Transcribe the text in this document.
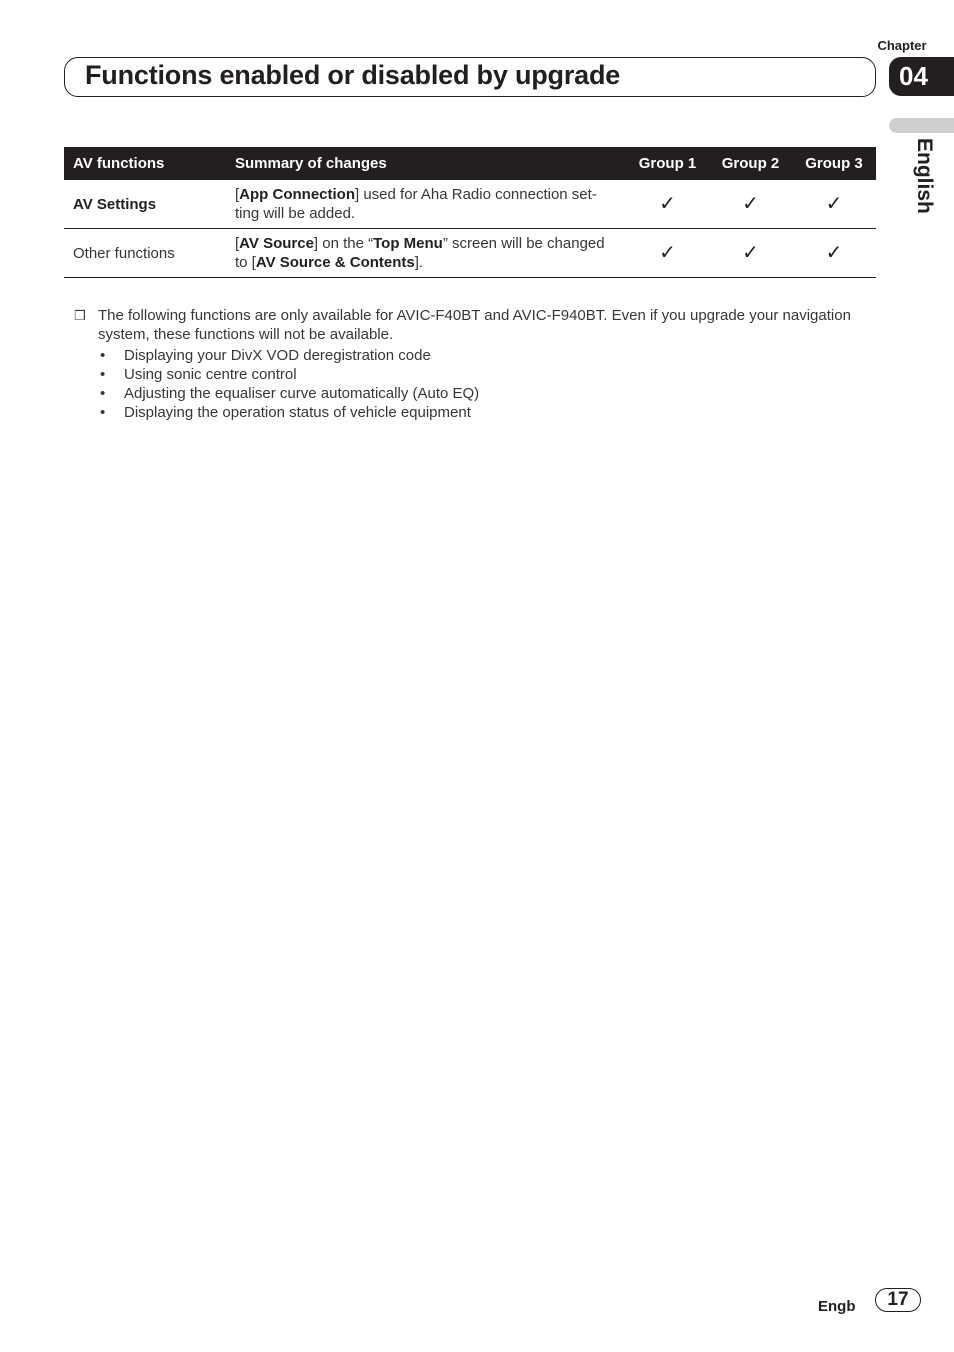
Chapter
04
Functions enabled or disabled by upgrade
English
AV functions	Summary of changes	Group 1	Group 2	Group 3
AV Settings	[App Connection] used for Aha Radio connection set-ting will be added.	✓	✓	✓
Other functions	[AV Source] on the “Top Menu” screen will be changed to [AV Source & Contents].	✓	✓	✓
❒ The following functions are only available for AVIC-F40BT and AVIC-F940BT. Even if you upgrade your navigation system, these functions will not be available.
• Displaying your DivX VOD deregistration code
• Using sonic centre control
• Adjusting the equaliser curve automatically (Auto EQ)
• Displaying the operation status of vehicle equipment
Engb	17
